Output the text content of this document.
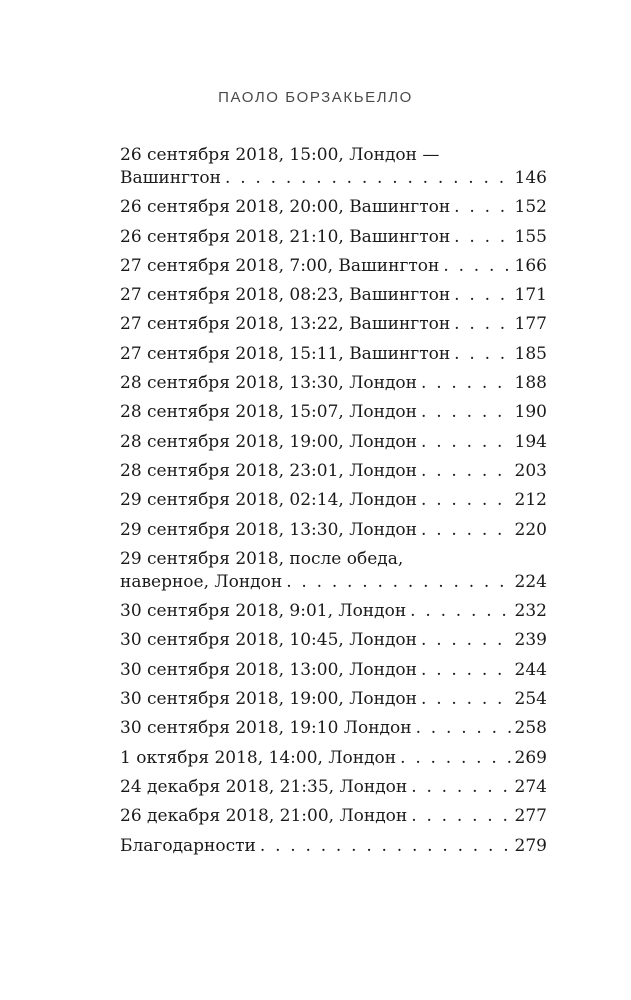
ПАОЛО БОРЗАКЬЕЛЛО
26 сентября 2018, 15:00, Лондон —
Вашингтон . . .	146
26 сентября 2018, 20:00, Вашингтон . . .	152
26 сентября 2018, 21:10, Вашингтон . . .	155
27 сентября 2018, 7:00, Вашингтон . . .	166
27 сентября 2018, 08:23, Вашингтон . . .	171
27 сентября 2018, 13:22, Вашингтон . . .	177
27 сентября 2018, 15:11, Вашингтон . . .	185
28 сентября 2018, 13:30, Лондон . . .	188
28 сентября 2018, 15:07, Лондон . . .	190
28 сентября 2018, 19:00, Лондон . . .	194
28 сентября 2018, 23:01, Лондон . . .	203
29 сентября 2018, 02:14, Лондон . . .	212
29 сентября 2018, 13:30, Лондон . . .	220
29 сентября 2018, после обеда,
наверное, Лондон . . .	224
30 сентября 2018, 9:01, Лондон . . .	232
30 сентября 2018, 10:45, Лондон . . .	239
30 сентября 2018, 13:00, Лондон . . .	244
30 сентября 2018, 19:00, Лондон . . .	254
30 сентября 2018, 19:10 Лондон . . .	258
1 октября 2018, 14:00, Лондон . . .	269
24 декабря 2018, 21:35, Лондон . . .	274
26 декабря 2018, 21:00, Лондон . . .	277
Благодарности . . .	279
